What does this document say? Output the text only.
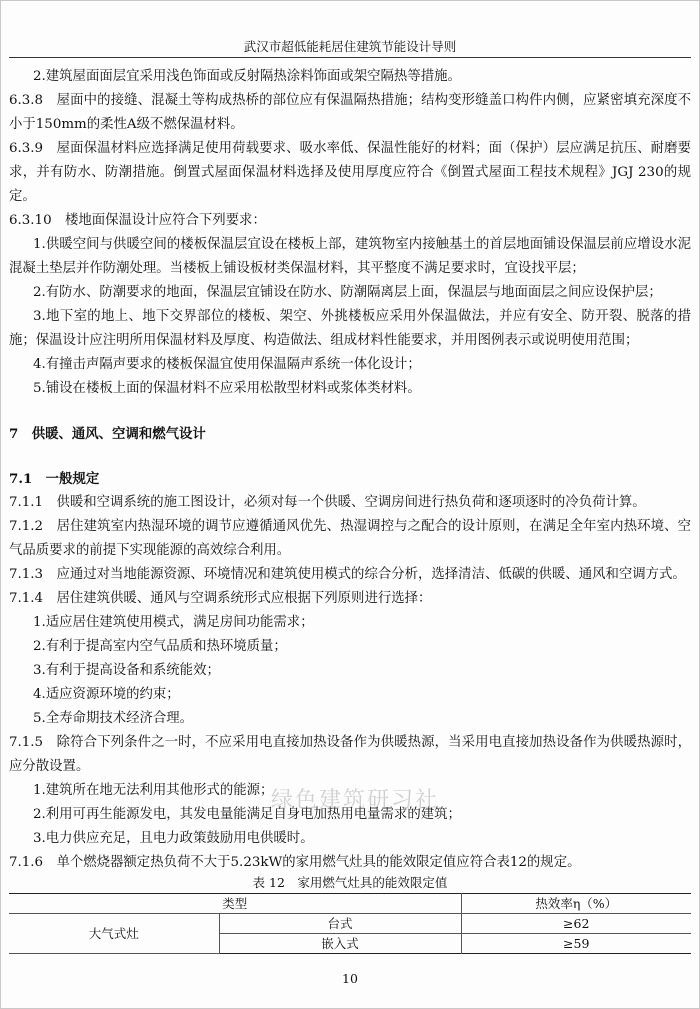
武汉市超低能耗居住建筑节能设计导则
2.建筑屋面面层宜采用浅色饰面或反射隔热涂料饰面或架空隔热等措施。
6.3.8　屋面中的接缝、混凝土等构成热桥的部位应有保温隔热措施；结构变形缝盖口构件内侧，应紧密填充深度不小于150mm的柔性A级不燃保温材料。
6.3.9　屋面保温材料应选择满足使用荷载要求、吸水率低、保温性能好的材料；面（保护）层应满足抗压、耐磨要求，并有防水、防潮措施。倒置式屋面保温材料选择及使用厚度应符合《倒置式屋面工程技术规程》JGJ 230的规定。
6.3.10　楼地面保温设计应符合下列要求：
1.供暖空间与供暖空间的楼板保温层宜设在楼板上部，建筑物室内接触基土的首层地面铺设保温层前应增设水泥混凝土垫层并作防潮处理。当楼板上铺设板材类保温材料，其平整度不满足要求时，宜设找平层；
2.有防水、防潮要求的地面，保温层宜铺设在防水、防潮隔离层上面，保温层与地面面层之间应设保护层；
3.地下室的地上、地下交界部位的楼板、架空、外挑楼板应采用外保温做法，并应有安全、防开裂、脱落的措施；保温设计应注明所用保温材料及厚度、构造做法、组成材料性能要求，并用图例表示或说明使用范围；
4.有撞击声隔声要求的楼板保温宜使用保温隔声系统一体化设计；
5.铺设在楼板上面的保温材料不应采用松散型材料或浆体类材料。
7　供暖、通风、空调和燃气设计
7.1　一般规定
7.1.1　供暖和空调系统的施工图设计，必须对每一个供暖、空调房间进行热负荷和逐项逐时的冷负荷计算。
7.1.2　居住建筑室内热湿环境的调节应遵循通风优先、热湿调控与之配合的设计原则，在满足全年室内热环境、空气品质要求的前提下实现能源的高效综合利用。
7.1.3　应通过对当地能源资源、环境情况和建筑使用模式的综合分析，选择清洁、低碳的供暖、通风和空调方式。
7.1.4　居住建筑供暖、通风与空调系统形式应根据下列原则进行选择：
1.适应居住建筑使用模式，满足房间功能需求；
2.有利于提高室内空气品质和热环境质量；
3.有利于提高设备和系统能效；
4.适应资源环境的约束；
5.全寿命期技术经济合理。
7.1.5　除符合下列条件之一时，不应采用电直接加热设备作为供暖热源，当采用电直接加热设备作为供暖热源时，应分散设置。
1.建筑所在地无法利用其他形式的能源；
2.利用可再生能源发电，其发电量能满足自身电加热用电量需求的建筑；
3.电力供应充足，且电力政策鼓励用电供暖时。
7.1.6　单个燃烧器额定热负荷不大于5.23kW的家用燃气灶具的能效限定值应符合表12的规定。
表 12　家用燃气灶具的能效限定值
类型		热效率η（%）
大气式灶	台式	≥62
	嵌入式	≥59
绿色建筑研习社
10
